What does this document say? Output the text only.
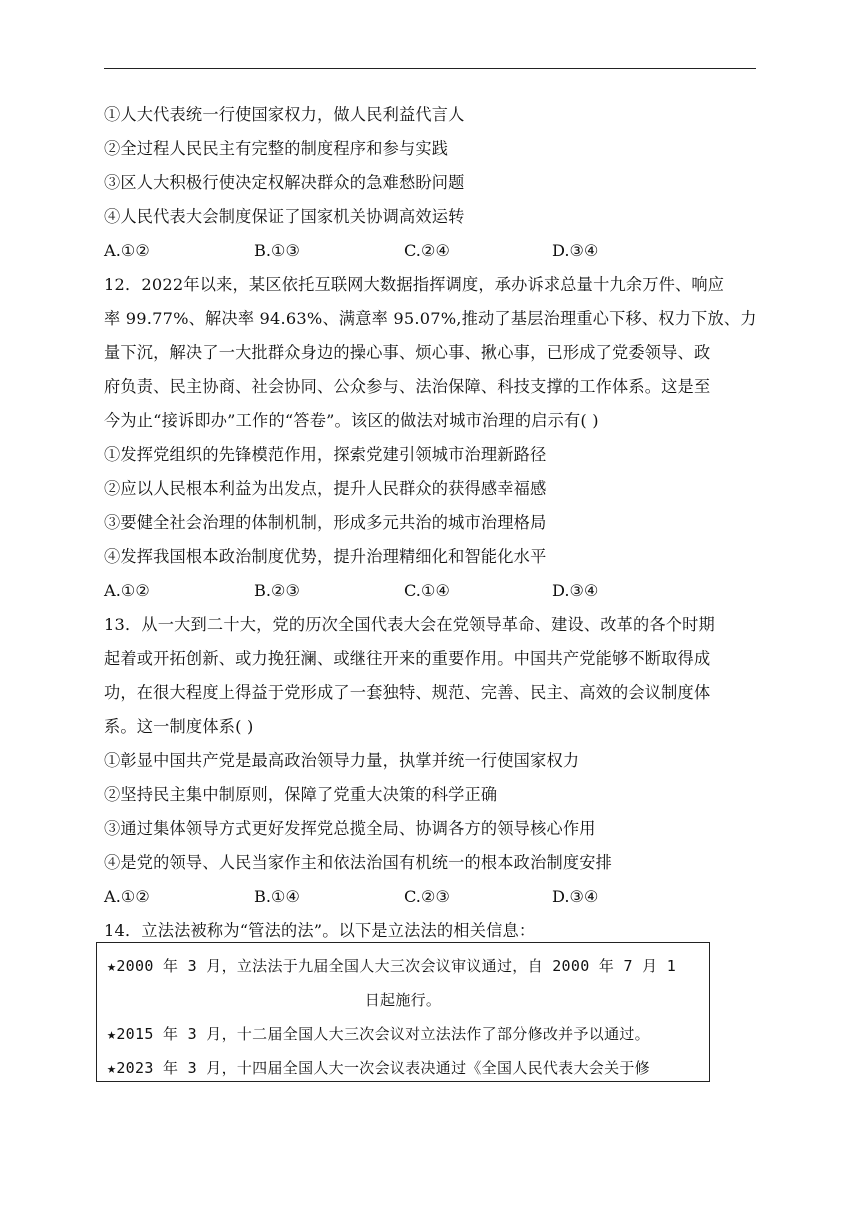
①人大代表统一行使国家权力，做人民利益代言人
②全过程人民民主有完整的制度程序和参与实践
③区人大积极行使决定权解决群众的急难愁盼问题
④人民代表大会制度保证了国家机关协调高效运转
A.①②	B.①③	C.②④	D.③④
12．2022年以来，某区依托互联网大数据指挥调度，承办诉求总量十九余万件、响应
率 99.77%、解决率 94.63%、满意率 95.07%,推动了基层治理重心下移、权力下放、力
量下沉，解决了一大批群众身边的操心事、烦心事、揪心事，已形成了党委领导、政
府负责、民主协商、社会协同、公众参与、法治保障、科技支撑的工作体系。这是至
今为止“接诉即办”工作的“答卷”。该区的做法对城市治理的启示有( )
①发挥党组织的先锋模范作用，探索党建引领城市治理新路径
②应以人民根本利益为出发点，提升人民群众的获得感幸福感
③要健全社会治理的体制机制，形成多元共治的城市治理格局
④发挥我国根本政治制度优势，提升治理精细化和智能化水平
A.①②	B.②③	C.①④	D.③④
13．从一大到二十大，党的历次全国代表大会在党领导革命、建设、改革的各个时期
起着或开拓创新、或力挽狂澜、或继往开来的重要作用。中国共产党能够不断取得成
功，在很大程度上得益于党形成了一套独特、规范、完善、民主、高效的会议制度体
系。这一制度体系( )
①彰显中国共产党是最高政治领导力量，执掌并统一行使国家权力
②坚持民主集中制原则，保障了党重大决策的科学正确
③通过集体领导方式更好发挥党总揽全局、协调各方的领导核心作用
④是党的领导、人民当家作主和依法治国有机统一的根本政治制度安排
A.①②	B.①④	C.②③	D.③④
14．立法法被称为“管法的法”。以下是立法法的相关信息：
★2000 年 3 月，立法法于九届全国人大三次会议审议通过，自 2000 年 7 月 1
日起施行。
★2015 年 3 月，十二届全国人大三次会议对立法法作了部分修改并予以通过。
★2023 年 3 月，十四届全国人大一次会议表决通过《全国人民代表大会关于修
